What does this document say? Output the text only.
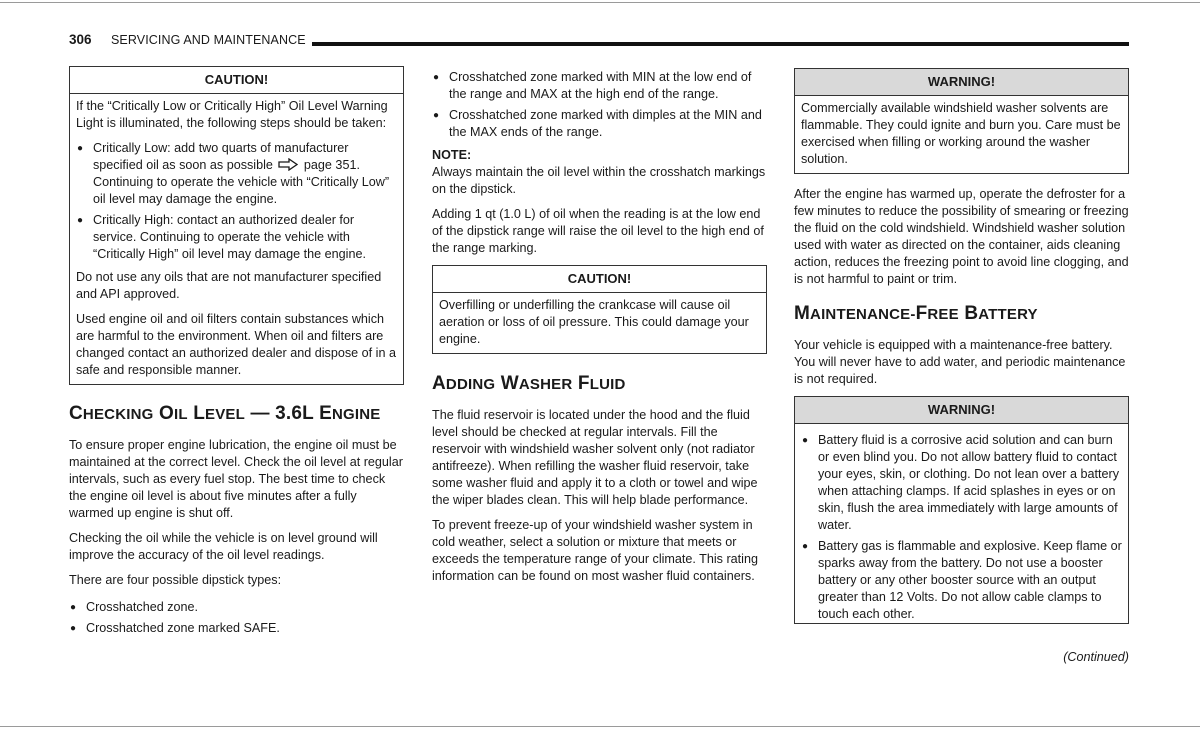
306 SERVICING AND MAINTENANCE
CAUTION!

If the “Critically Low or Critically High” Oil Level Warning Light is illuminated, the following steps should be taken:

● Critically Low: add two quarts of manufacturer specified oil as soon as possible page 351. Continuing to operate the vehicle with “Critically Low” oil level may damage the engine.
● Critically High: contact an authorized dealer for service. Continuing to operate the vehicle with “Critically High” oil level may damage the engine.

Do not use any oils that are not manufacturer specified and API approved.

Used engine oil and oil filters contain substances which are harmful to the environment. When oil and filters are changed contact an authorized dealer and dispose of in a safe and responsible manner.

CHECKING OIL LEVEL — 3.6L ENGINE

To ensure proper engine lubrication, the engine oil must be maintained at the correct level. Check the oil level at regular intervals, such as every fuel stop. The best time to check the engine oil level is about five minutes after a fully warmed up engine is shut off.

Checking the oil while the vehicle is on level ground will improve the accuracy of the oil level readings.

There are four possible dipstick types:

● Crosshatched zone.
● Crosshatched zone marked SAFE.
● Crosshatched zone marked with MIN at the low end of the range and MAX at the high end of the range.
● Crosshatched zone marked with dimples at the MIN and the MAX ends of the range.

NOTE:

Always maintain the oil level within the crosshatch markings on the dipstick.

Adding 1 qt (1.0 L) of oil when the reading is at the low end of the dipstick range will raise the oil level to the high end of the range marking.

CAUTION!

Overfilling or underfilling the crankcase will cause oil aeration or loss of oil pressure. This could damage your engine.

ADDING WASHER FLUID

The fluid reservoir is located under the hood and the fluid level should be checked at regular intervals. Fill the reservoir with windshield washer solvent only (not radiator antifreeze). When refilling the washer fluid reservoir, take some washer fluid and apply it to a cloth or towel and wipe the wiper blades clean. This will help blade performance.

To prevent freeze-up of your windshield washer system in cold weather, select a solution or mixture that meets or exceeds the temperature range of your climate. This rating information can be found on most washer fluid containers.

WARNING!

Commercially available windshield washer solvents are flammable. They could ignite and burn you. Care must be exercised when filling or working around the washer solution.

After the engine has warmed up, operate the defroster for a few minutes to reduce the possibility of smearing or freezing the fluid on the cold windshield. Windshield washer solution used with water as directed on the container, aids cleaning action, reduces the freezing point to avoid line clogging, and is not harmful to paint or trim.

MAINTENANCE-FREE BATTERY

Your vehicle is equipped with a maintenance-free battery. You will never have to add water, and periodic maintenance is not required.

WARNING!
● Battery fluid is a corrosive acid solution and can burn or even blind you. Do not allow battery fluid to contact your eyes, skin, or clothing. Do not lean over a battery when attaching clamps. If acid splashes in eyes or on skin, flush the area immediately with large amounts of water.
● Battery gas is flammable and explosive. Keep flame or sparks away from the battery. Do not use a booster battery or any other booster source with an output greater than 12 Volts. Do not allow cable clamps to touch each other.
(Continued)
